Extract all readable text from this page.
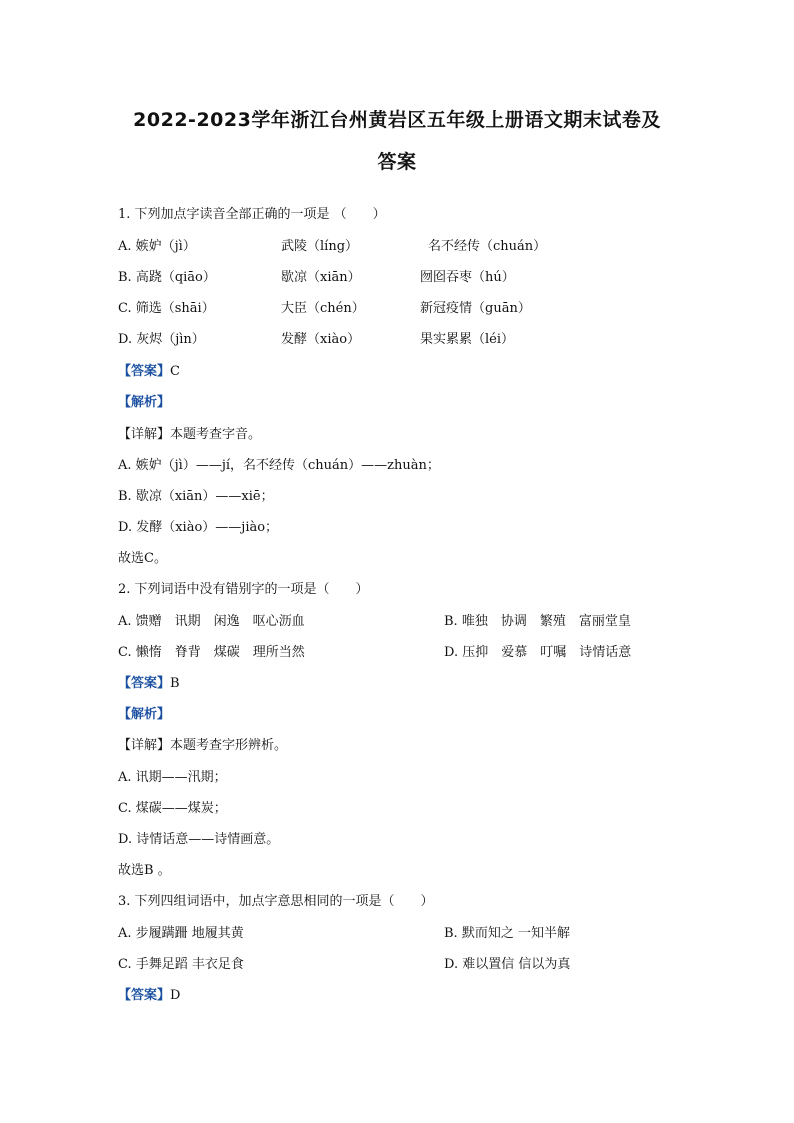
2022-2023学年浙江台州黄岩区五年级上册语文期末试卷及
答案
1. 下列加点字读音全部正确的一项是 （　　）
A. 嫉妒（jì）	武陵（líng）	名不经传（chuán）
B. 高跷（qiāo）	歇凉（xiān）	囫囵吞枣（hú）
C. 筛选（shāi）	大臣（chén）	新冠疫情（guān）
D. 灰烬（jìn）	发酵（xiào）	果实累累（léi）
【答案】C
【解析】
【详解】本题考查字音。
A. 嫉妒（jì）——jí，名不经传（chuán）——zhuàn；
B. 歇凉（xiān）——xiē；
D. 发酵（xiào）——jiào；
故选C。
2. 下列词语中没有错别字的一项是（　　）
A. 馈赠　讯期　闲逸　呕心沥血	B. 唯独　协调　繁殖　富丽堂皇
C. 懒惰　脊背　煤碳　理所当然	D. 压抑　爱慕　叮嘱　诗情话意
【答案】B
【解析】
【详解】本题考查字形辨析。
A. 讯期——汛期；
C. 煤碳——煤炭；
D. 诗情话意——诗情画意。
故选B 。
3. 下列四组词语中，加点字意思相同的一项是（　　）
A. 步履蹒跚 地履其黄	B. 默而知之 一知半解
C. 手舞足蹈 丰衣足食	D. 难以置信 信以为真
【答案】D
